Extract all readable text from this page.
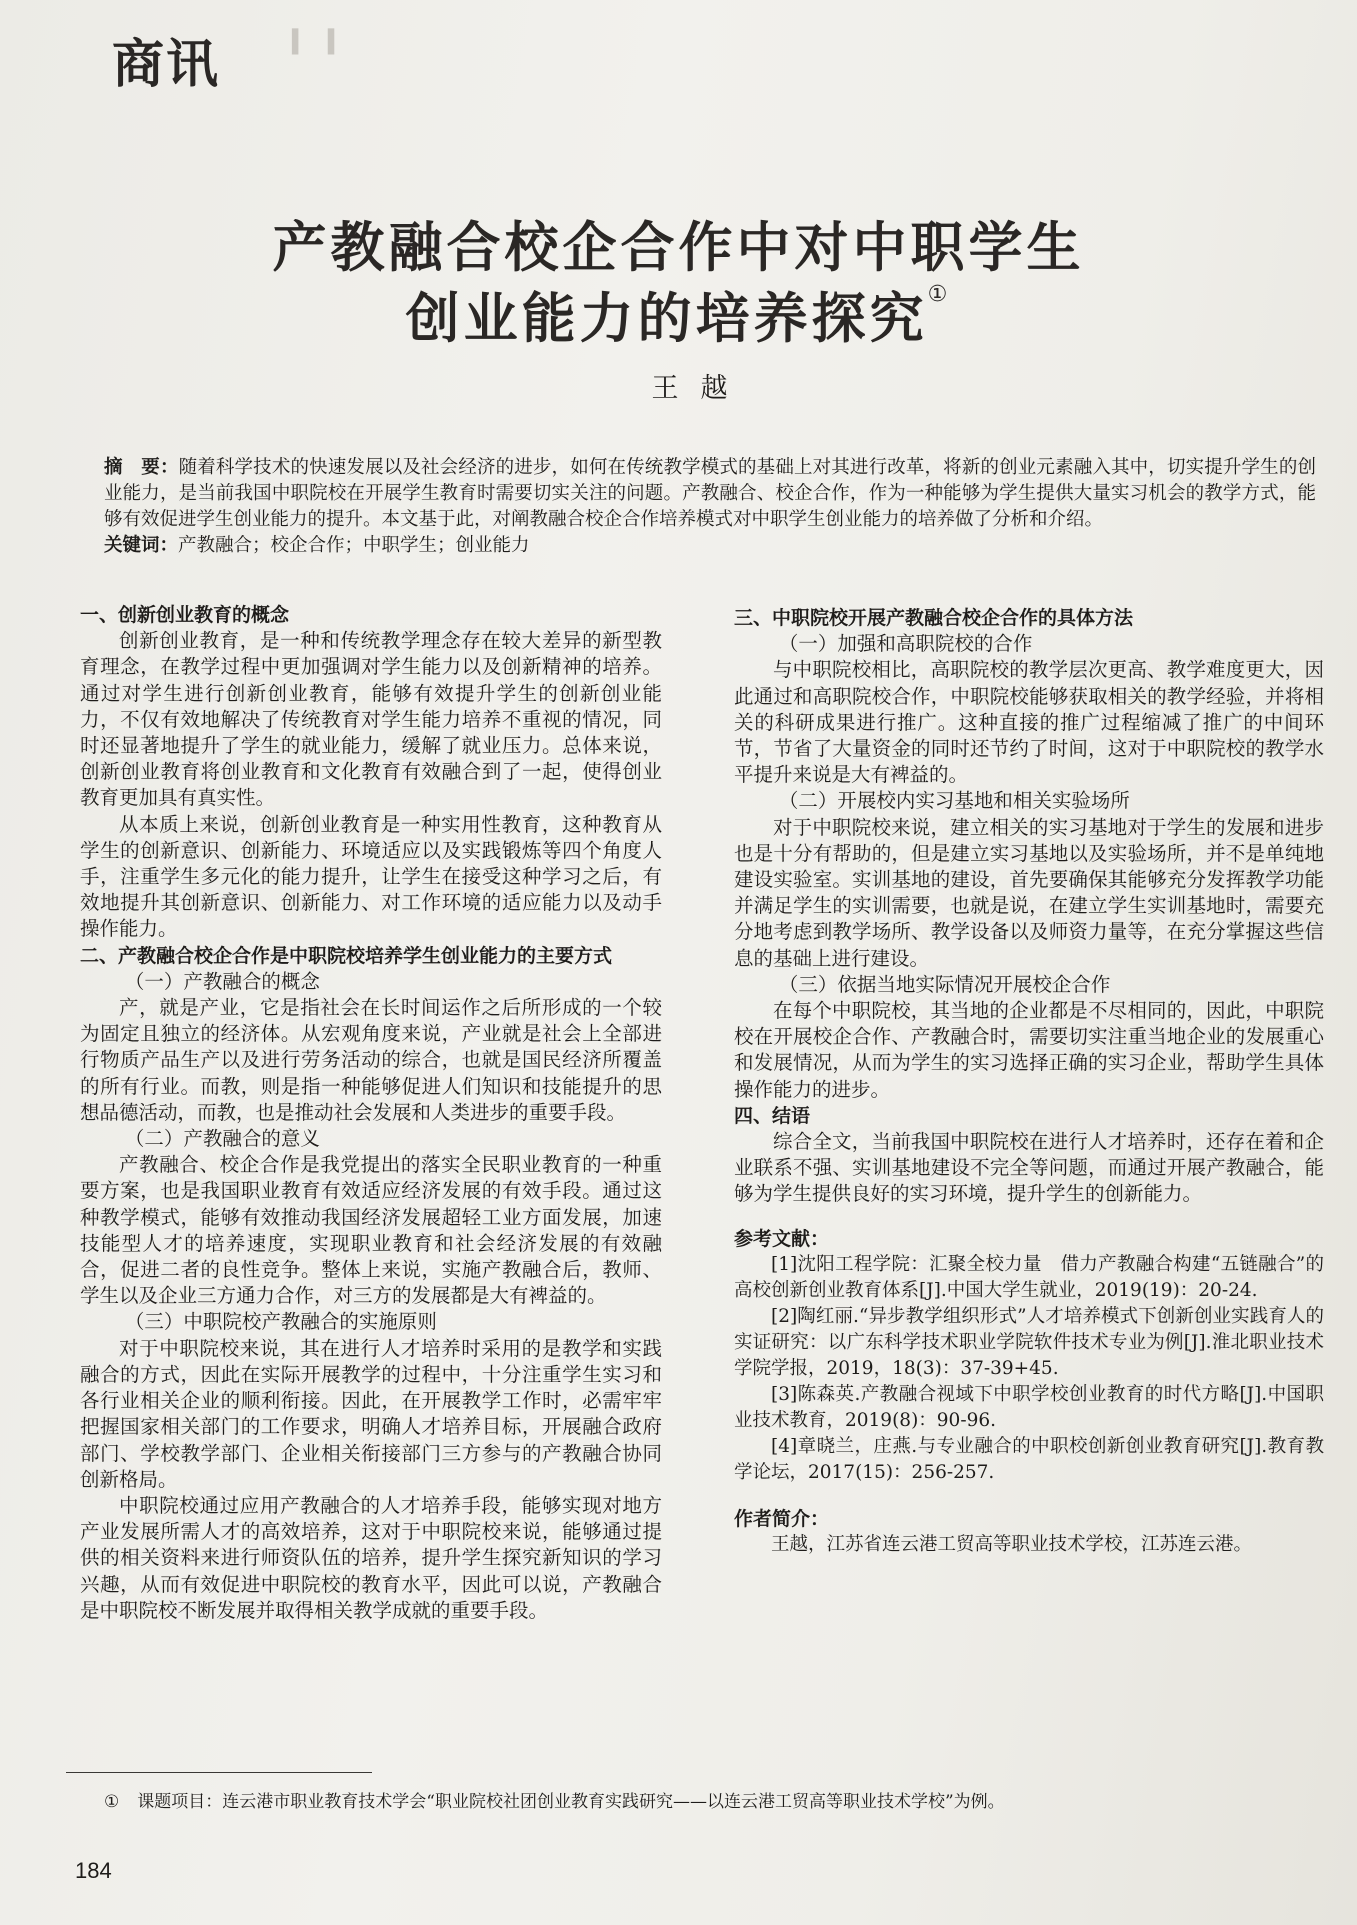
商讯	▍ ▍
产教融合校企合作中对中职学生
创业能力的培养探究①
王越

摘　要：随着科学技术的快速发展以及社会经济的进步，如何在传统教学模式的基础上对其进行改革，将新的创业元素融入其中，切实提升学生的创业能力，是当前我国中职院校在开展学生教育时需要切实关注的问题。产教融合、校企合作，作为一种能够为学生提供大量实习机会的教学方式，能够有效促进学生创业能力的提升。本文基于此，对阐教融合校企合作培养模式对中职学生创业能力的培养做了分析和介绍。

关键词：产教融合；校企合作；中职学生；创业能力

一、创新创业教育的概念

创新创业教育，是一种和传统教学理念存在较大差异的新型教育理念，在教学过程中更加强调对学生能力以及创新精神的培养。通过对学生进行创新创业教育，能够有效提升学生的创新创业能力，不仅有效地解决了传统教育对学生能力培养不重视的情况，同时还显著地提升了学生的就业能力，缓解了就业压力。总体来说，创新创业教育将创业教育和文化教育有效融合到了一起，使得创业教育更加具有真实性。

从本质上来说，创新创业教育是一种实用性教育，这种教育从学生的创新意识、创新能力、环境适应以及实践锻炼等四个角度人手，注重学生多元化的能力提升，让学生在接受这种学习之后，有效地提升其创新意识、创新能力、对工作环境的适应能力以及动手操作能力。

二、产教融合校企合作是中职院校培养学生创业能力的主要方式
（一）产教融合的概念

产，就是产业，它是指社会在长时间运作之后所形成的一个较为固定且独立的经济体。从宏观角度来说，产业就是社会上全部进行物质产品生产以及进行劳务活动的综合，也就是国民经济所覆盖的所有行业。而教，则是指一种能够促进人们知识和技能提升的思想品德活动，而教，也是推动社会发展和人类进步的重要手段。

（二）产教融合的意义

产教融合、校企合作是我党提出的落实全民职业教育的一种重要方案，也是我国职业教育有效适应经济发展的有效手段。通过这种教学模式，能够有效推动我国经济发展超轻工业方面发展，加速技能型人才的培养速度，实现职业教育和社会经济发展的有效融合，促进二者的良性竞争。整体上来说，实施产教融合后，教师、学生以及企业三方通力合作，对三方的发展都是大有裨益的。

（三）中职院校产教融合的实施原则

对于中职院校来说，其在进行人才培养时采用的是教学和实践融合的方式，因此在实际开展教学的过程中，十分注重学生实习和各行业相关企业的顺利衔接。因此，在开展教学工作时，必需牢牢把握国家相关部门的工作要求，明确人才培养目标，开展融合政府部门、学校教学部门、企业相关衔接部门三方参与的产教融合协同创新格局。

中职院校通过应用产教融合的人才培养手段，能够实现对地方产业发展所需人才的高效培养，这对于中职院校来说，能够通过提供的相关资料来进行师资队伍的培养，提升学生探究新知识的学习兴趣，从而有效促进中职院校的教育水平，因此可以说，产教融合是中职院校不断发展并取得相关教学成就的重要手段。

三、中职院校开展产教融合校企合作的具体方法
（一）加强和高职院校的合作

与中职院校相比，高职院校的教学层次更高、教学难度更大，因此通过和高职院校合作，中职院校能够获取相关的教学经验，并将相关的科研成果进行推广。这种直接的推广过程缩减了推广的中间环节，节省了大量资金的同时还节约了时间，这对于中职院校的教学水平提升来说是大有裨益的。

（二）开展校内实习基地和相关实验场所

对于中职院校来说，建立相关的实习基地对于学生的发展和进步也是十分有帮助的，但是建立实习基地以及实验场所，并不是单纯地建设实验室。实训基地的建设，首先要确保其能够充分发挥教学功能并满足学生的实训需要，也就是说，在建立学生实训基地时，需要充分地考虑到教学场所、教学设备以及师资力量等，在充分掌握这些信息的基础上进行建设。

（三）依据当地实际情况开展校企合作

在每个中职院校，其当地的企业都是不尽相同的，因此，中职院校在开展校企合作、产教融合时，需要切实注重当地企业的发展重心和发展情况，从而为学生的实习选择正确的实习企业，帮助学生具体操作能力的进步。

四、结语

综合全文，当前我国中职院校在进行人才培养时，还存在着和企业联系不强、实训基地建设不完全等问题，而通过开展产教融合，能够为学生提供良好的实习环境，提升学生的创新能力。

参考文献：

[1]沈阳工程学院：汇聚全校力量　借力产教融合构建“五链融合”的高校创新创业教育体系[J].中国大学生就业，2019(19)：20-24.

[2]陶红丽.“异步教学组织形式”人才培养模式下创新创业实践育人的实证研究：以广东科学技术职业学院软件技术专业为例[J].淮北职业技术学院学报，2019，18(3)：37-39+45.

[3]陈森英.产教融合视域下中职学校创业教育的时代方略[J].中国职业技术教育，2019(8)：90-96.

[4]章晓兰，庄燕.与专业融合的中职校创新创业教育研究[J].教育教学论坛，2017(15)：256-257.

作者简介：

王越，江苏省连云港工贸高等职业技术学校，江苏连云港。

① 课题项目：连云港市职业教育技术学会“职业院校社团创业教育实践研究——以连云港工贸高等职业技术学校”为例。
184
